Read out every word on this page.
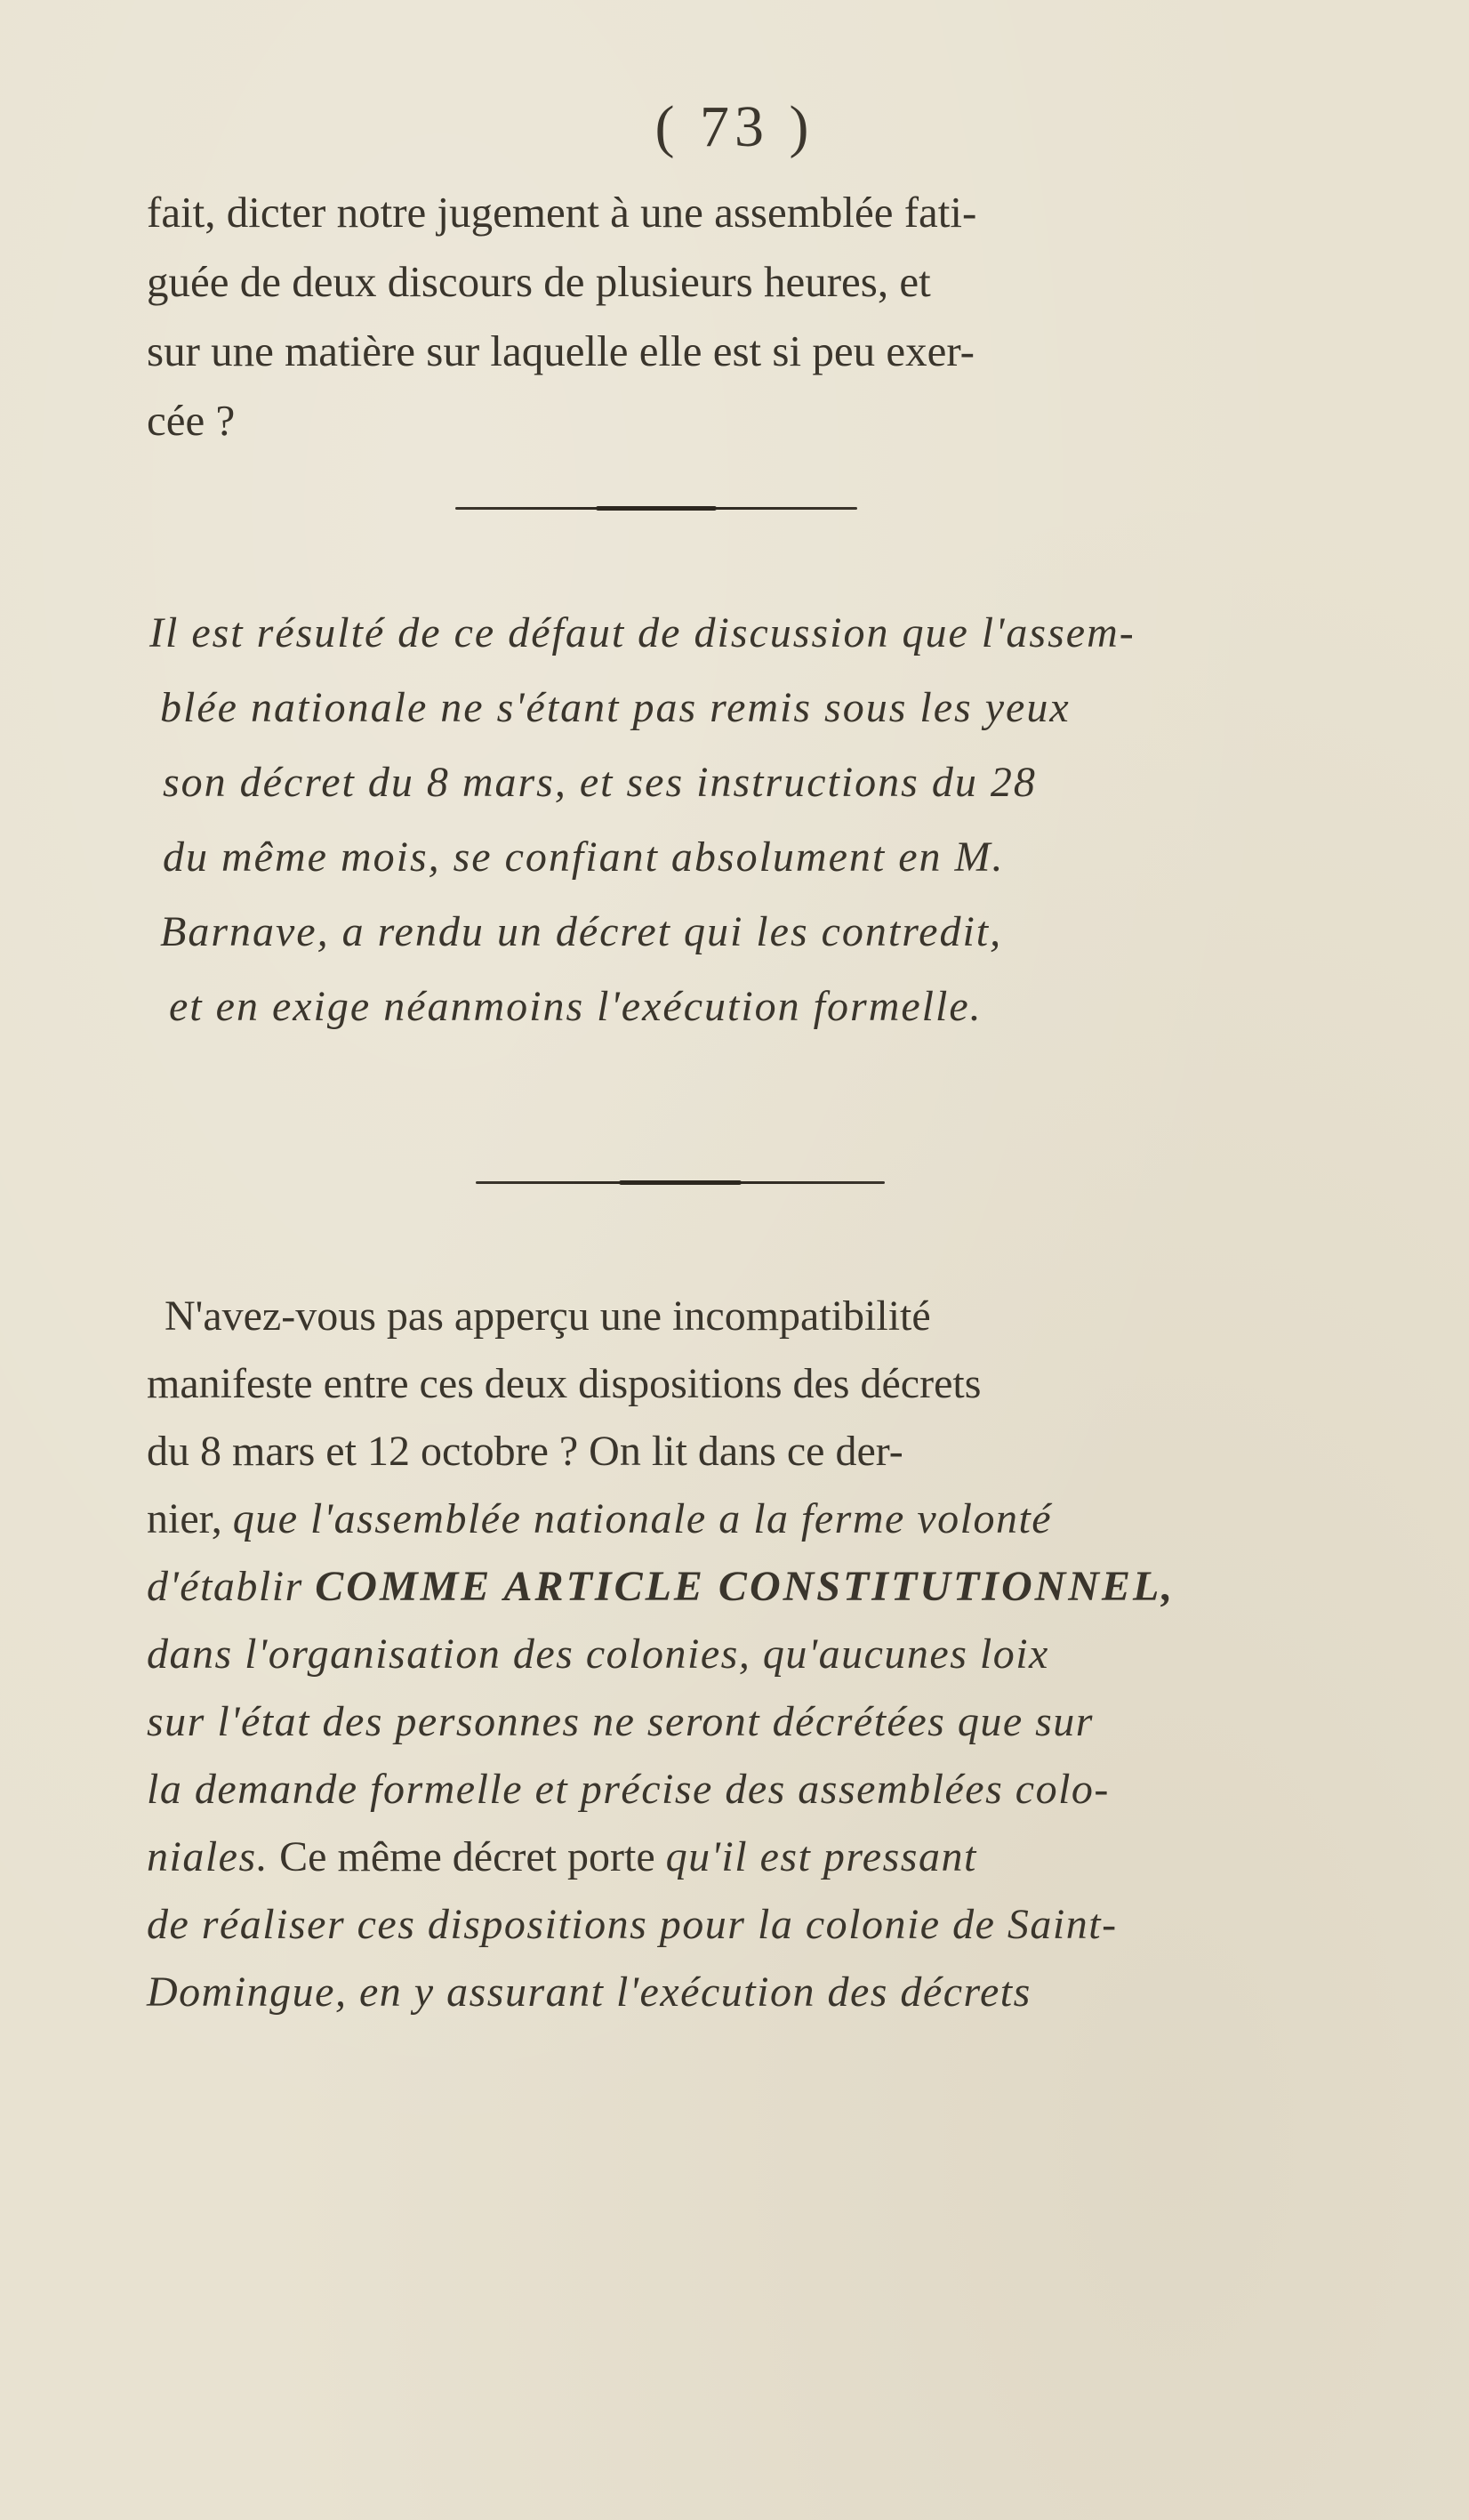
( 73 )
fait, dicter notre jugement à une assemblée fati-
guée de deux discours de plusieurs heures, et
sur une matière sur laquelle elle est si peu exer-
cée ?
Il est résulté de ce défaut de discussion que l'assem-
blée nationale ne s'étant pas remis sous les yeux
son décret du 8 mars, et ses instructions du 28
du même mois, se confiant absolument en M.
Barnave, a rendu un décret qui les contredit,
et en exige néanmoins l'exécution formelle.
N'avez-vous pas apperçu une incompatibilité
manifeste entre ces deux dispositions des décrets
du 8 mars et 12 octobre ? On lit dans ce der-
nier, que l'assemblée nationale a la ferme volonté
d'établir COMME ARTICLE CONSTITUTIONNEL,
dans l'organisation des colonies, qu'aucunes loix
sur l'état des personnes ne seront décrétées que sur
la demande formelle et précise des assemblées colo-
niales. Ce même décret porte qu'il est pressant
de réaliser ces dispositions pour la colonie de Saint-
Domingue, en y assurant l'exécution des décrets
